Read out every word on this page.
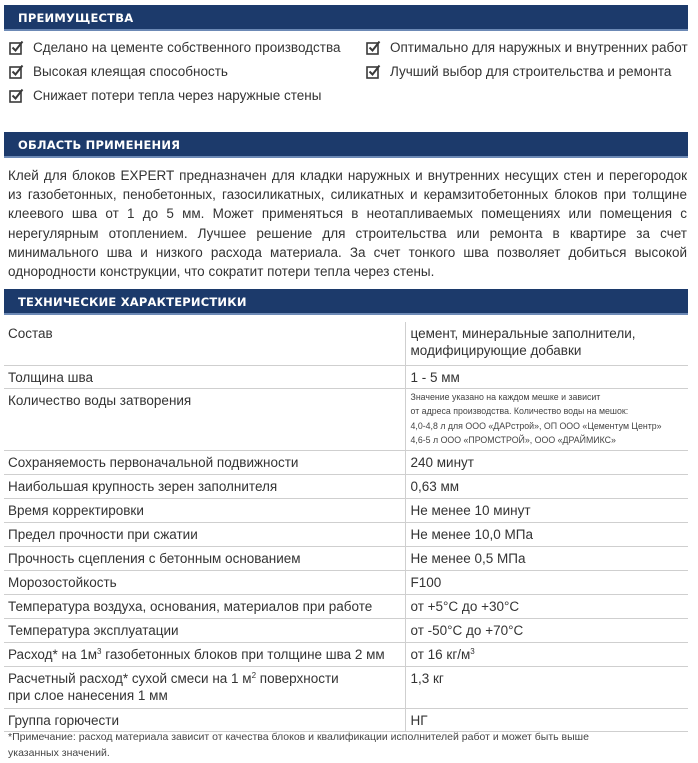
ПРЕИМУЩЕСТВА
Сделано на цементе собственного производства
Высокая клеящая способность
Снижает потери тепла через наружные стены
Оптимально для наружных и внутренних работ
Лучший выбор для строительства и ремонта
ОБЛАСТЬ ПРИМЕНЕНИЯ

Клей для блоков EXPERT предназначен для кладки наружных и внутренних несущих стен и перегородок из газобетонных, пенобетонных, газосиликатных, силикатных и керамзитобетонных блоков при толщине клеевого шва от 1 до 5 мм. Может применяться в неотапливаемых помещениях или помещения с нерегулярным отоплением. Лучшее решение для строительства или ремонта в квартире за счет минимального шва и низкого расхода материала. За счет тонкого шва позволяет добиться высокой однородности конструкции, что сократит потери тепла через стены.

ТЕХНИЧЕСКИЕ ХАРАКТЕРИСТИКИ
Состав	цемент, минеральные заполнители,
модифицирующие добавки

Толщина шва	1 - 5 мм
Количество воды затворения	Значение указано на каждом мешке и зависит
от адреса производства. Количество воды на мешок:
4,0-4,8 л для ООО «ДАРстрой», ОП ООО «Цементум Центр»
4,6-5 л ООО «ПРОМСТРОЙ», ООО «ДРАЙМИКС»

Сохраняемость первоначальной подвижности	240 минут
Наибольшая крупность зерен заполнителя	0,63 мм
Время корректировки	Не менее 10 минут
Предел прочности при сжатии	Не менее 10,0 МПа
Прочность сцепления с бетонным основанием	Не менее 0,5 МПа
Морозостойкость	F100
Температура воздуха, основания, материалов при работе	от +5°С до +30°С
Температура эксплуатации	от -50°С до +70°С
Расход* на $1м^3$ газобетонных блоков при толщине шва 2 мм	от 16 $кг/м^3$

Расчетный расход* сухой смеси на 1 $м^2$ поверхности
при слое нанесения 1 мм	1,3 кг
Группа горючести	НГ
*Примечание: расход материала зависит от качества блоков и квалификации исполнителей работ и может быть выше
указанных значений.
